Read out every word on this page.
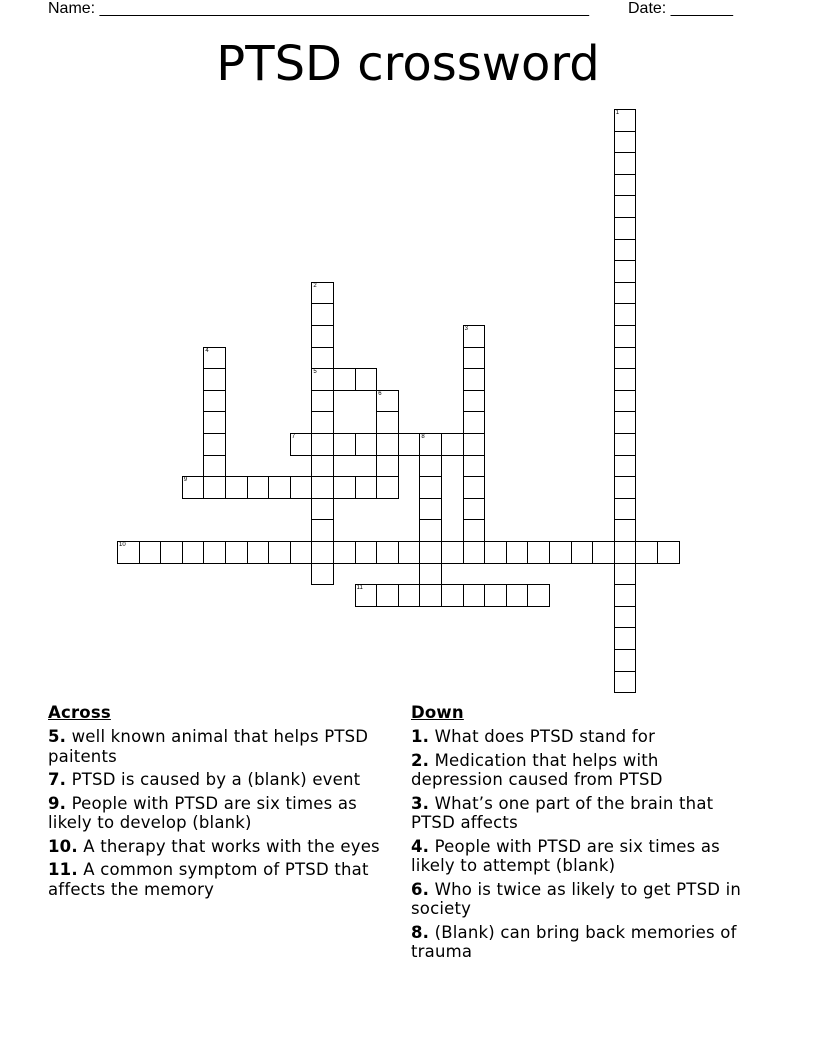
Name: _______________________________________________________ Date: _______
PTSD crossword
1
2
5
3
4
6
7	8
9
10
11
Across
5. well known animal that helps PTSD paitents
7. PTSD is caused by a (blank) event
9. People with PTSD are six times as likely to develop (blank)
10. A therapy that works with the eyes
11. A common symptom of PTSD that affects the memory
Down
1. What does PTSD stand for
2. Medication that helps with depression caused from PTSD
3. What’s one part of the brain that PTSD affects
4. People with PTSD are six times as likely to attempt (blank)
6. Who is twice as likely to get PTSD in society
8. (Blank) can bring back memories of trauma
